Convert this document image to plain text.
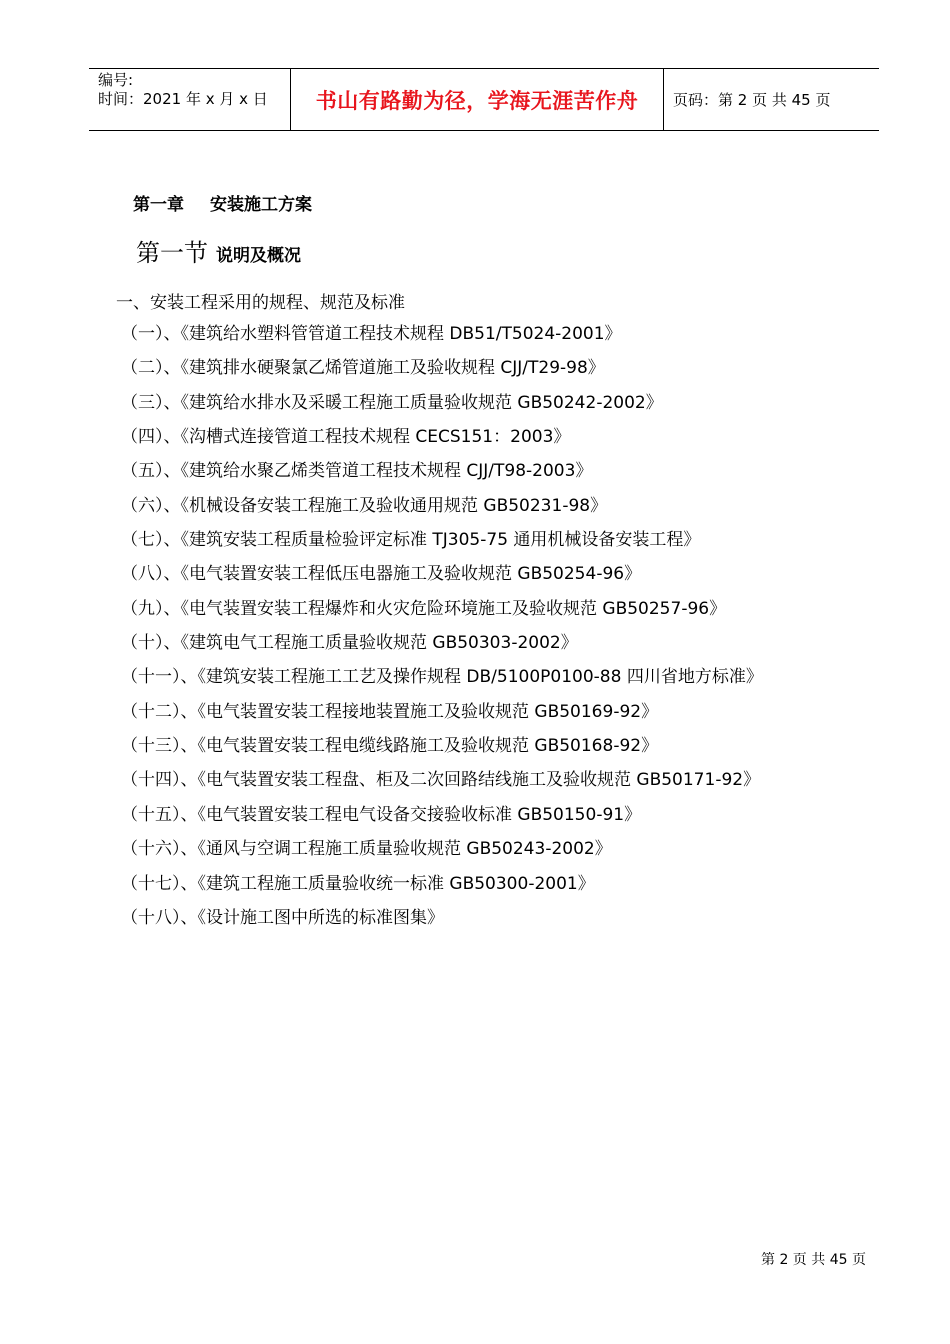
编号:
时间：2021 年 x 月 x 日	书山有路勤为径，学海无涯苦作舟	页码：第 2 页 共 45 页
第一章 安装施工方案
第一节 说明及概况
一、安装工程采用的规程、规范及标准
（一）、《建筑给水塑料管管道工程技术规程 DB51/T5024-2001》
（二）、《建筑排水硬聚氯乙烯管道施工及验收规程 CJJ/T29-98》
（三）、《建筑给水排水及采暖工程施工质量验收规范 GB50242-2002》
（四）、《沟槽式连接管道工程技术规程 CECS151：2003》
（五）、《建筑给水聚乙烯类管道工程技术规程 CJJ/T98-2003》
（六）、《机械设备安装工程施工及验收通用规范 GB50231-98》
（七）、《建筑安装工程质量检验评定标准 TJ305-75 通用机械设备安装工程》
（八）、《电气装置安装工程低压电器施工及验收规范 GB50254-96》
（九）、《电气装置安装工程爆炸和火灾危险环境施工及验收规范 GB50257-96》
（十）、《建筑电气工程施工质量验收规范 GB50303-2002》
（十一）、《建筑安装工程施工工艺及操作规程 DB/5100P0100-88 四川省地方标准》
（十二）、《电气装置安装工程接地装置施工及验收规范 GB50169-92》
（十三）、《电气装置安装工程电缆线路施工及验收规范 GB50168-92》
（十四）、《电气装置安装工程盘、柜及二次回路结线施工及验收规范 GB50171-92》
（十五）、《电气装置安装工程电气设备交接验收标准 GB50150-91》
（十六）、《通风与空调工程施工质量验收规范 GB50243-2002》
（十七）、《建筑工程施工质量验收统一标准 GB50300-2001》
（十八）、《设计施工图中所选的标准图集》
第 2 页 共 45 页
